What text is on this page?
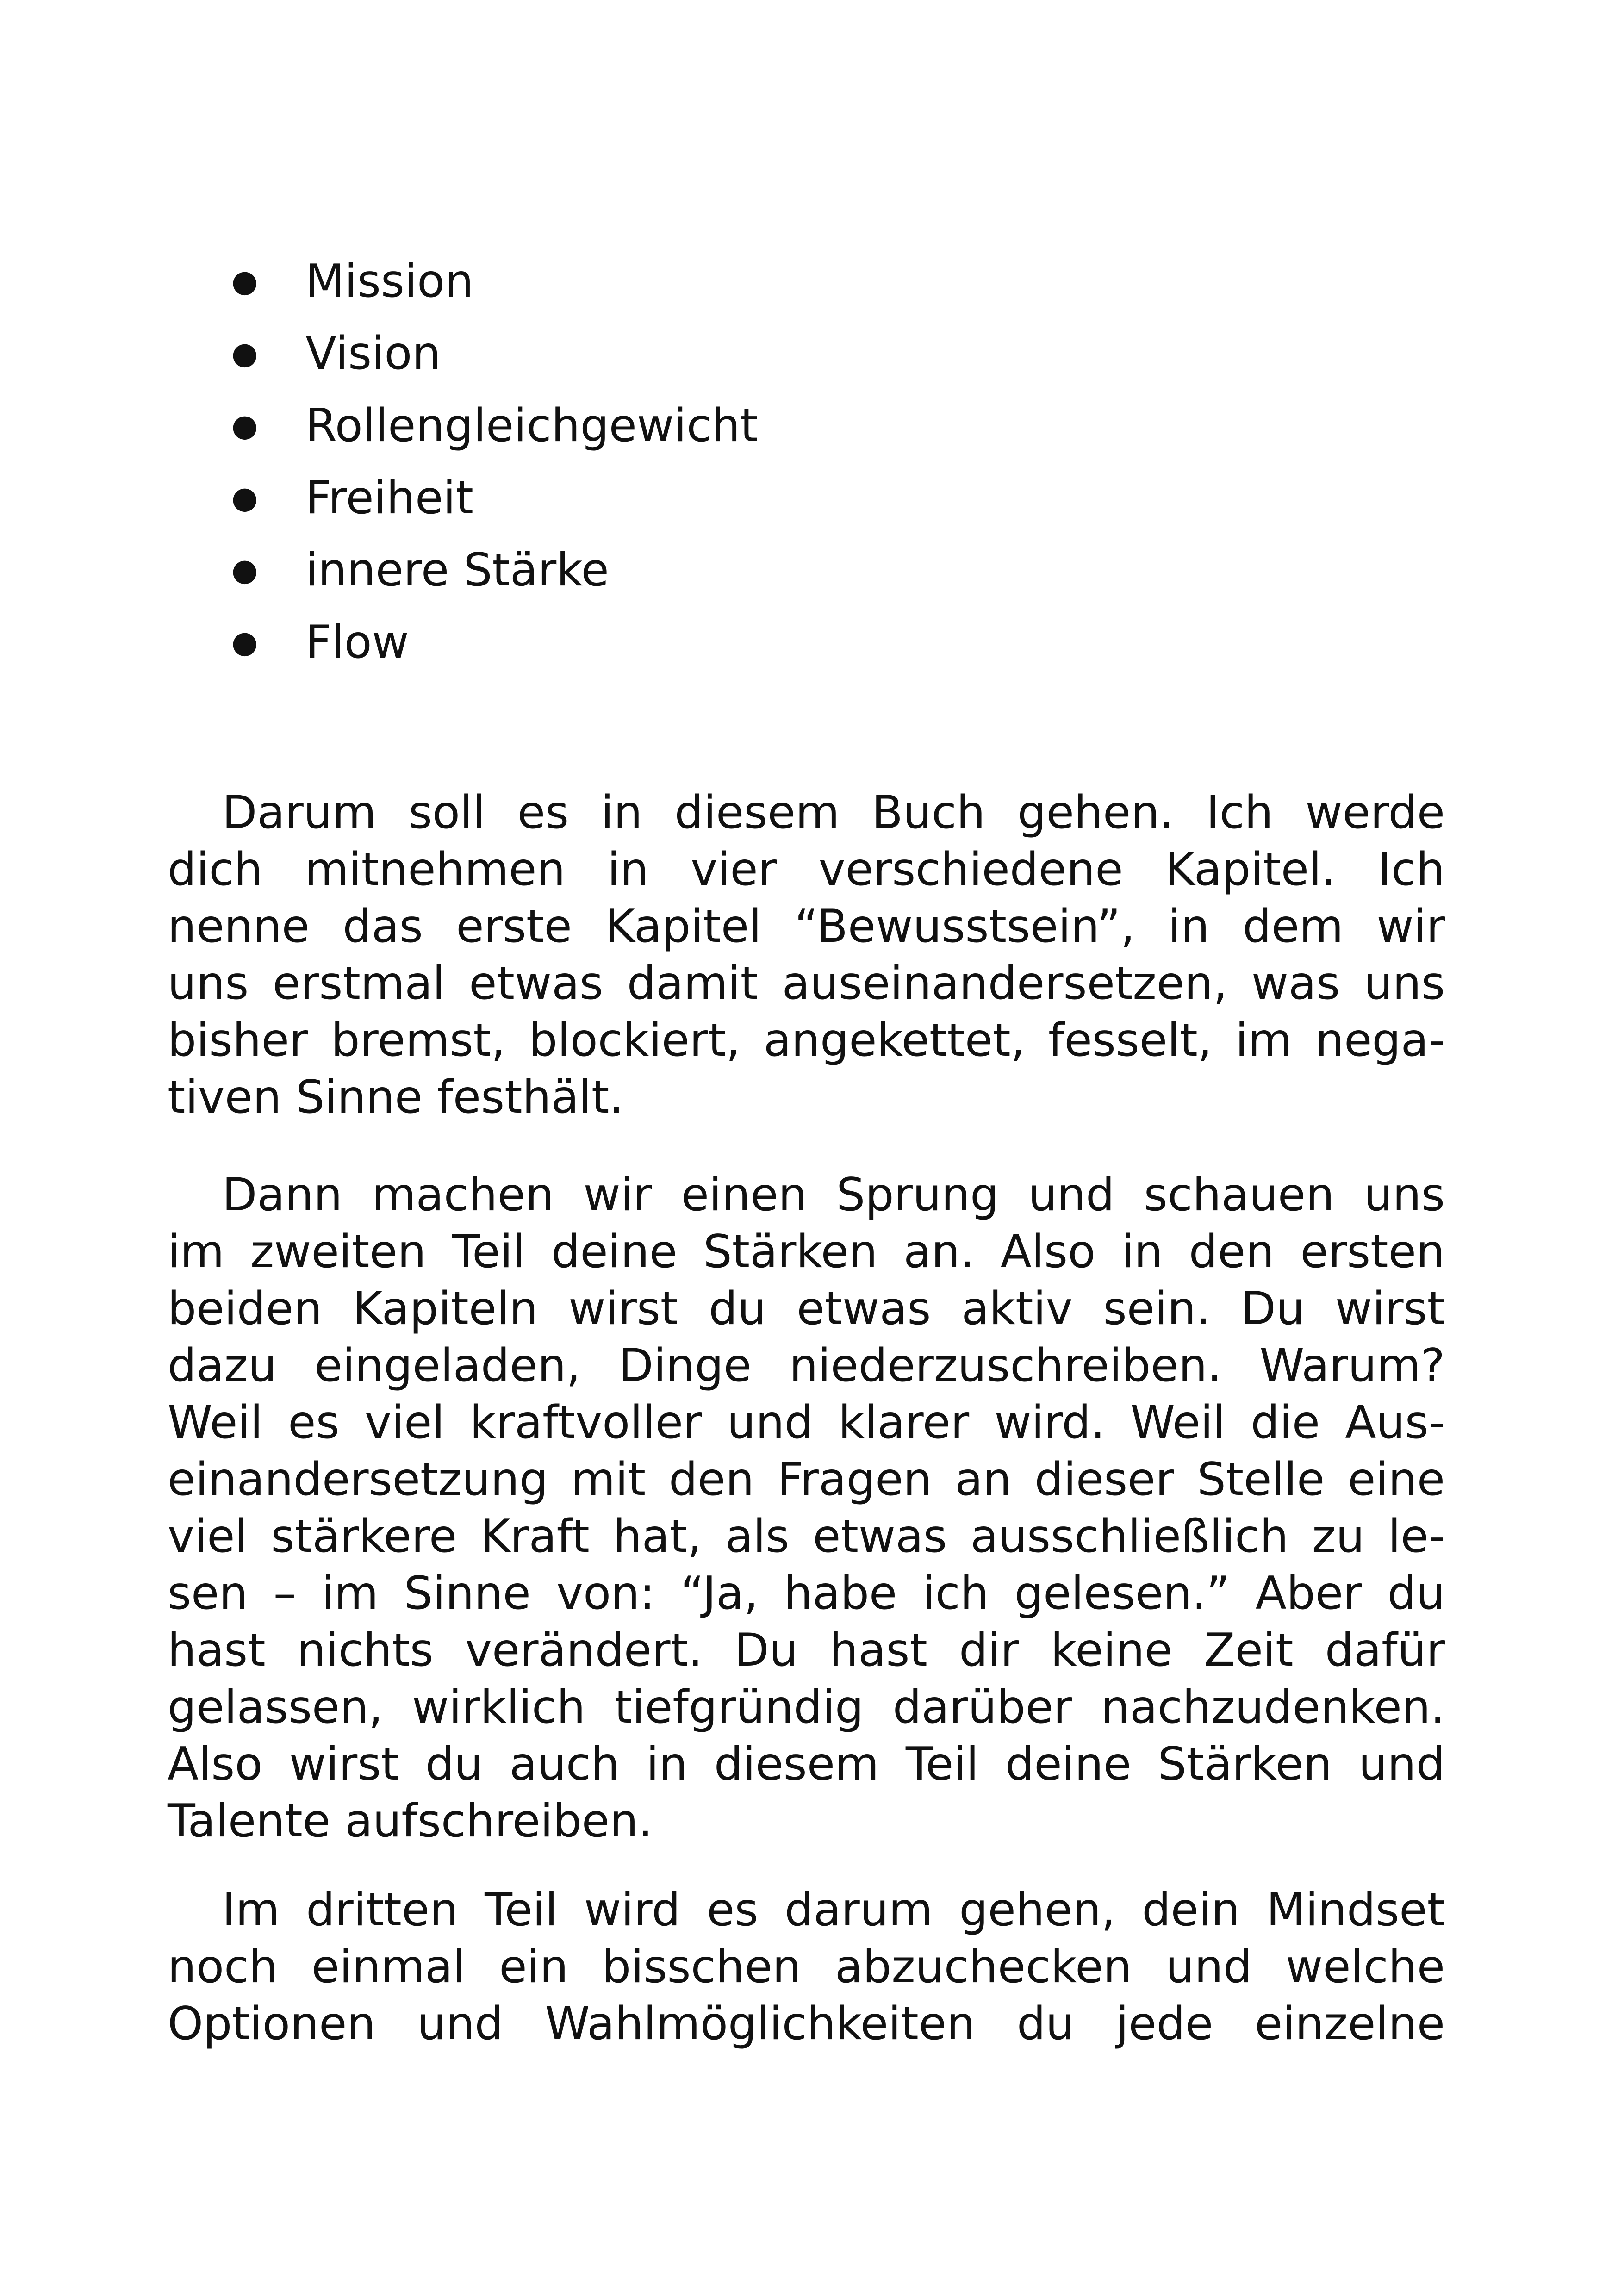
● Mission
● Vision
● Rollengleichgewicht
● Freiheit
● innere Stärke
● Flow
Darum soll es in diesem Buch gehen. Ich werde
dich mitnehmen in vier verschiedene Kapitel. Ich
nenne das erste Kapitel “Bewusstsein”, in dem wir
uns erstmal etwas damit auseinandersetzen, was uns
bisher bremst, blockiert, angekettet, fesselt, im nega-
tiven Sinne festhält.
Dann machen wir einen Sprung und schauen uns
im zweiten Teil deine Stärken an. Also in den ersten
beiden Kapiteln wirst du etwas aktiv sein. Du wirst
dazu eingeladen, Dinge niederzuschreiben. Warum?
Weil es viel kraftvoller und klarer wird. Weil die Aus-
einandersetzung mit den Fragen an dieser Stelle eine
viel stärkere Kraft hat, als etwas ausschließlich zu le-
sen – im Sinne von: “Ja, habe ich gelesen.” Aber du
hast nichts verändert. Du hast dir keine Zeit dafür
gelassen, wirklich tiefgründig darüber nachzudenken.
Also wirst du auch in diesem Teil deine Stärken und
Talente aufschreiben.
Im dritten Teil wird es darum gehen, dein Mindset
noch einmal ein bisschen abzuchecken und welche
Optionen und Wahlmöglichkeiten du jede einzelne
